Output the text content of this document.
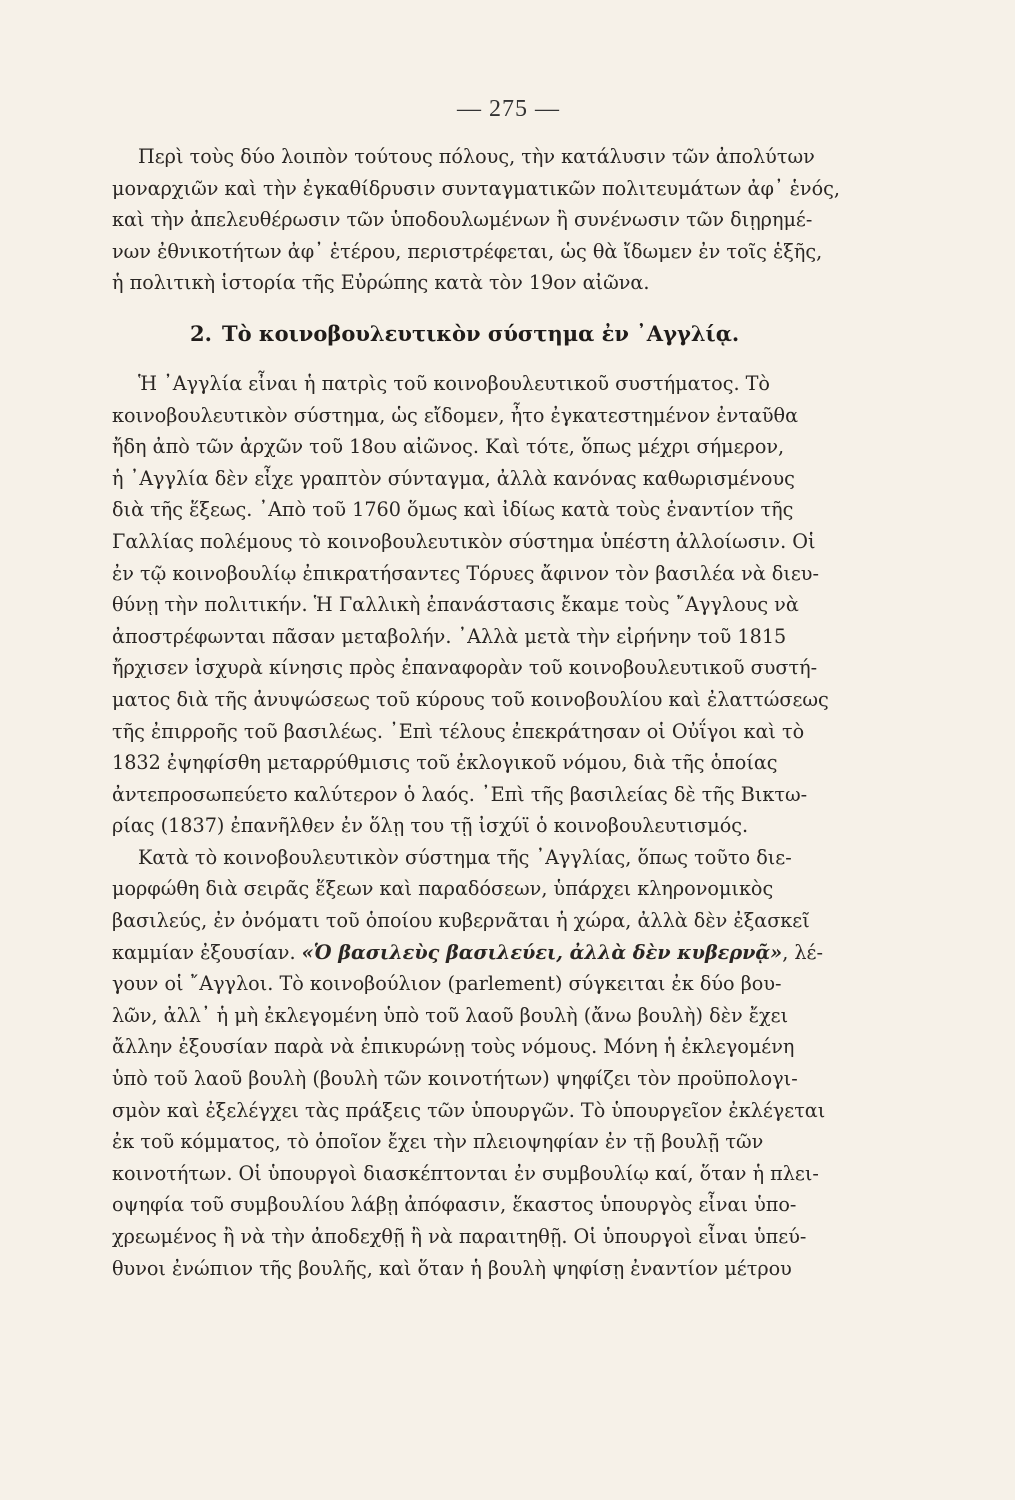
— 275 —

Περὶ τοὺς δύο λοιπὸν τούτους πόλους, τὴν κατάλυσιν τῶν ἀπολύτων
μοναρχιῶν καὶ τὴν ἐγκαθίδρυσιν συνταγματικῶν πολιτευμάτων ἀφ᾽ ἑνός,
καὶ τὴν ἀπελευθέρωσιν τῶν ὑποδουλωμένων ἢ συνένωσιν τῶν διῃρημέ-
νων ἐθνικοτήτων ἀφ᾽ ἑτέρου, περιστρέφεται, ὡς θὰ ἴδωμεν ἐν τοῖς ἑξῆς,
ἡ πολιτικὴ ἱστορία τῆς Εὐρώπης κατὰ τὸν 19ον αἰῶνα.

2. Τὸ κοινοβουλευτικὸν σύστημα ἐν ᾽Αγγλίᾳ.

Ἡ ᾽Αγγλία εἶναι ἡ πατρὶς τοῦ κοινοβουλευτικοῦ συστήματος. Τὸ
κοινοβουλευτικὸν σύστημα, ὡς εἴδομεν, ἦτο ἐγκατεστημένον ἐνταῦθα
ἤδη ἀπὸ τῶν ἀρχῶν τοῦ 18ου αἰῶνος. Καὶ τότε, ὅπως μέχρι σήμερον,
ἡ ᾽Αγγλία δὲν εἶχε γραπτὸν σύνταγμα, ἀλλὰ κανόνας καθωρισμένους
διὰ τῆς ἕξεως. ᾽Απὸ τοῦ 1760 ὅμως καὶ ἰδίως κατὰ τοὺς ἐναντίον τῆς
Γαλλίας πολέμους τὸ κοινοβουλευτικὸν σύστημα ὑπέστη ἀλλοίωσιν. Οἱ
ἐν τῷ κοινοβουλίῳ ἐπικρατήσαντες Τόρυες ἄφινον τὸν βασιλέα νὰ διευ-
θύνῃ τὴν πολιτικήν. Ἡ Γαλλικὴ ἐπανάστασις ἔκαμε τοὺς ῎Αγγλους νὰ
ἀποστρέφωνται πᾶσαν μεταβολήν. ᾽Αλλὰ μετὰ τὴν εἰρήνην τοῦ 1815
ἤρχισεν ἰσχυρὰ κίνησις πρὸς ἐπαναφορὰν τοῦ κοινοβουλευτικοῦ συστή-
ματος διὰ τῆς ἀνυψώσεως τοῦ κύρους τοῦ κοινοβουλίου καὶ ἐλαττώσεως
τῆς ἐπιρροῆς τοῦ βασιλέως. ᾽Επὶ τέλους ἐπεκράτησαν οἱ Οὐΐγοι καὶ τὸ
1832 ἐψηφίσθη μεταρρύθμισις τοῦ ἐκλογικοῦ νόμου, διὰ τῆς ὁποίας
ἀντεπροσωπεύετο καλύτερον ὁ λαός. ᾽Επὶ τῆς βασιλείας δὲ τῆς Βικτω-
ρίας (1837) ἐπανῆλθεν ἐν ὅλῃ του τῇ ἰσχύϊ ὁ κοινοβουλευτισμός.

Κατὰ τὸ κοινοβουλευτικὸν σύστημα τῆς ᾽Αγγλίας, ὅπως τοῦτο διε-
μορφώθη διὰ σειρᾶς ἕξεων καὶ παραδόσεων, ὑπάρχει κληρονομικὸς
βασιλεύς, ἐν ὀνόματι τοῦ ὁποίου κυβερνᾶται ἡ χώρα, ἀλλὰ δὲν ἐξασκεῖ
καμμίαν ἐξουσίαν. «Ὁ βασιλεὺς βασιλεύει, ἀλλὰ δὲν κυβερνᾷ», λέ-
γουν οἱ ῎Αγγλοι. Τὸ κοινοβούλιον (parlement) σύγκειται ἐκ δύο βου-
λῶν, ἀλλ᾽ ἡ μὴ ἐκλεγομένη ὑπὸ τοῦ λαοῦ βουλὴ (ἄνω βουλὴ) δὲν ἔχει
ἄλλην ἐξουσίαν παρὰ νὰ ἐπικυρώνῃ τοὺς νόμους. Μόνη ἡ ἐκλεγομένη
ὑπὸ τοῦ λαοῦ βουλὴ (βουλὴ τῶν κοινοτήτων) ψηφίζει τὸν προϋπολογι-
σμὸν καὶ ἐξελέγχει τὰς πράξεις τῶν ὑπουργῶν. Τὸ ὑπουργεῖον ἐκλέγεται
ἐκ τοῦ κόμματος, τὸ ὁποῖον ἔχει τὴν πλειοψηφίαν ἐν τῇ βουλῇ τῶν
κοινοτήτων. Οἱ ὑπουργοὶ διασκέπτονται ἐν συμβουλίῳ καί, ὅταν ἡ πλει-
οψηφία τοῦ συμβουλίου λάβῃ ἀπόφασιν, ἕκαστος ὑπουργὸς εἶναι ὑπο-
χρεωμένος ἢ νὰ τὴν ἀποδεχθῇ ἢ νὰ παραιτηθῇ. Οἱ ὑπουργοὶ εἶναι ὑπεύ-
θυνοι ἐνώπιον τῆς βουλῆς, καὶ ὅταν ἡ βουλὴ ψηφίσῃ ἐναντίον μέτρου
